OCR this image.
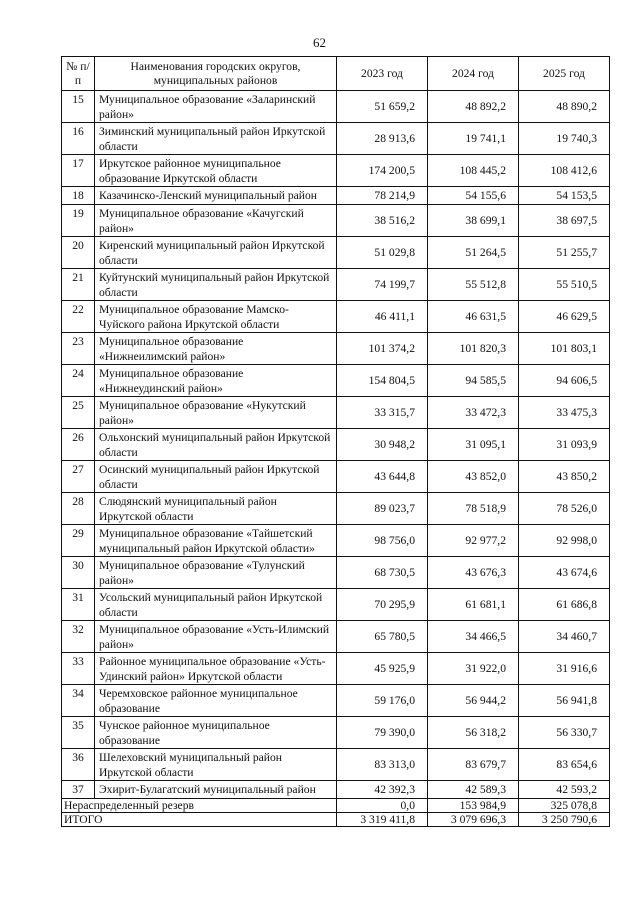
62
№ п/п	Наименования городских округов, муниципальных районов	2023 год	2024 год	2025 год
15	Муниципальное образование «Заларинский район»	51 659,2	48 892,2	48 890,2
16	Зиминский муниципальный район Иркутской области	28 913,6	19 741,1	19 740,3
17	Иркутское районное муниципальное образование Иркутской области	174 200,5	108 445,2	108 412,6
18	Казачинско-Ленский муниципальный район	78 214,9	54 155,6	54 153,5
19	Муниципальное образование «Качугский район»	38 516,2	38 699,1	38 697,5
20	Киренский муниципальный район Иркутской области	51 029,8	51 264,5	51 255,7
21	Куйтунский муниципальный район Иркутской области	74 199,7	55 512,8	55 510,5
22	Муниципальное образование Мамско-Чуйского района Иркутской области	46 411,1	46 631,5	46 629,5
23	Муниципальное образование «Нижнеилимский район»	101 374,2	101 820,3	101 803,1
24	Муниципальное образование «Нижнеудинский район»	154 804,5	94 585,5	94 606,5
25	Муниципальное образование «Нукутский район»	33 315,7	33 472,3	33 475,3
26	Ольхонский муниципальный район Иркутской области	30 948,2	31 095,1	31 093,9
27	Осинский муниципальный район Иркутской области	43 644,8	43 852,0	43 850,2
28	Слюдянский муниципальный район Иркутской области	89 023,7	78 518,9	78 526,0
29	Муниципальное образование «Тайшетский муниципальный район Иркутской области»	98 756,0	92 977,2	92 998,0
30	Муниципальное образование «Тулунский район»	68 730,5	43 676,3	43 674,6
31	Усольский муниципальный район Иркутской области	70 295,9	61 681,1	61 686,8
32	Муниципальное образование «Усть-Илимский район»	65 780,5	34 466,5	34 460,7
33	Районное муниципальное образование «Усть-Удинский район» Иркутской области	45 925,9	31 922,0	31 916,6
34	Черемховское районное муниципальное образование	59 176,0	56 944,2	56 941,8
35	Чунское районное муниципальное образование	79 390,0	56 318,2	56 330,7
36	Шелеховский муниципальный район Иркутской области	83 313,0	83 679,7	83 654,6
37	Эхирит-Булагатский муниципальный район	42 392,3	42 589,3	42 593,2
Нераспределенный резерв		0,0	153 984,9	325 078,8
ИТОГО		3 319 411,8	3 079 696,3	3 250 790,6
